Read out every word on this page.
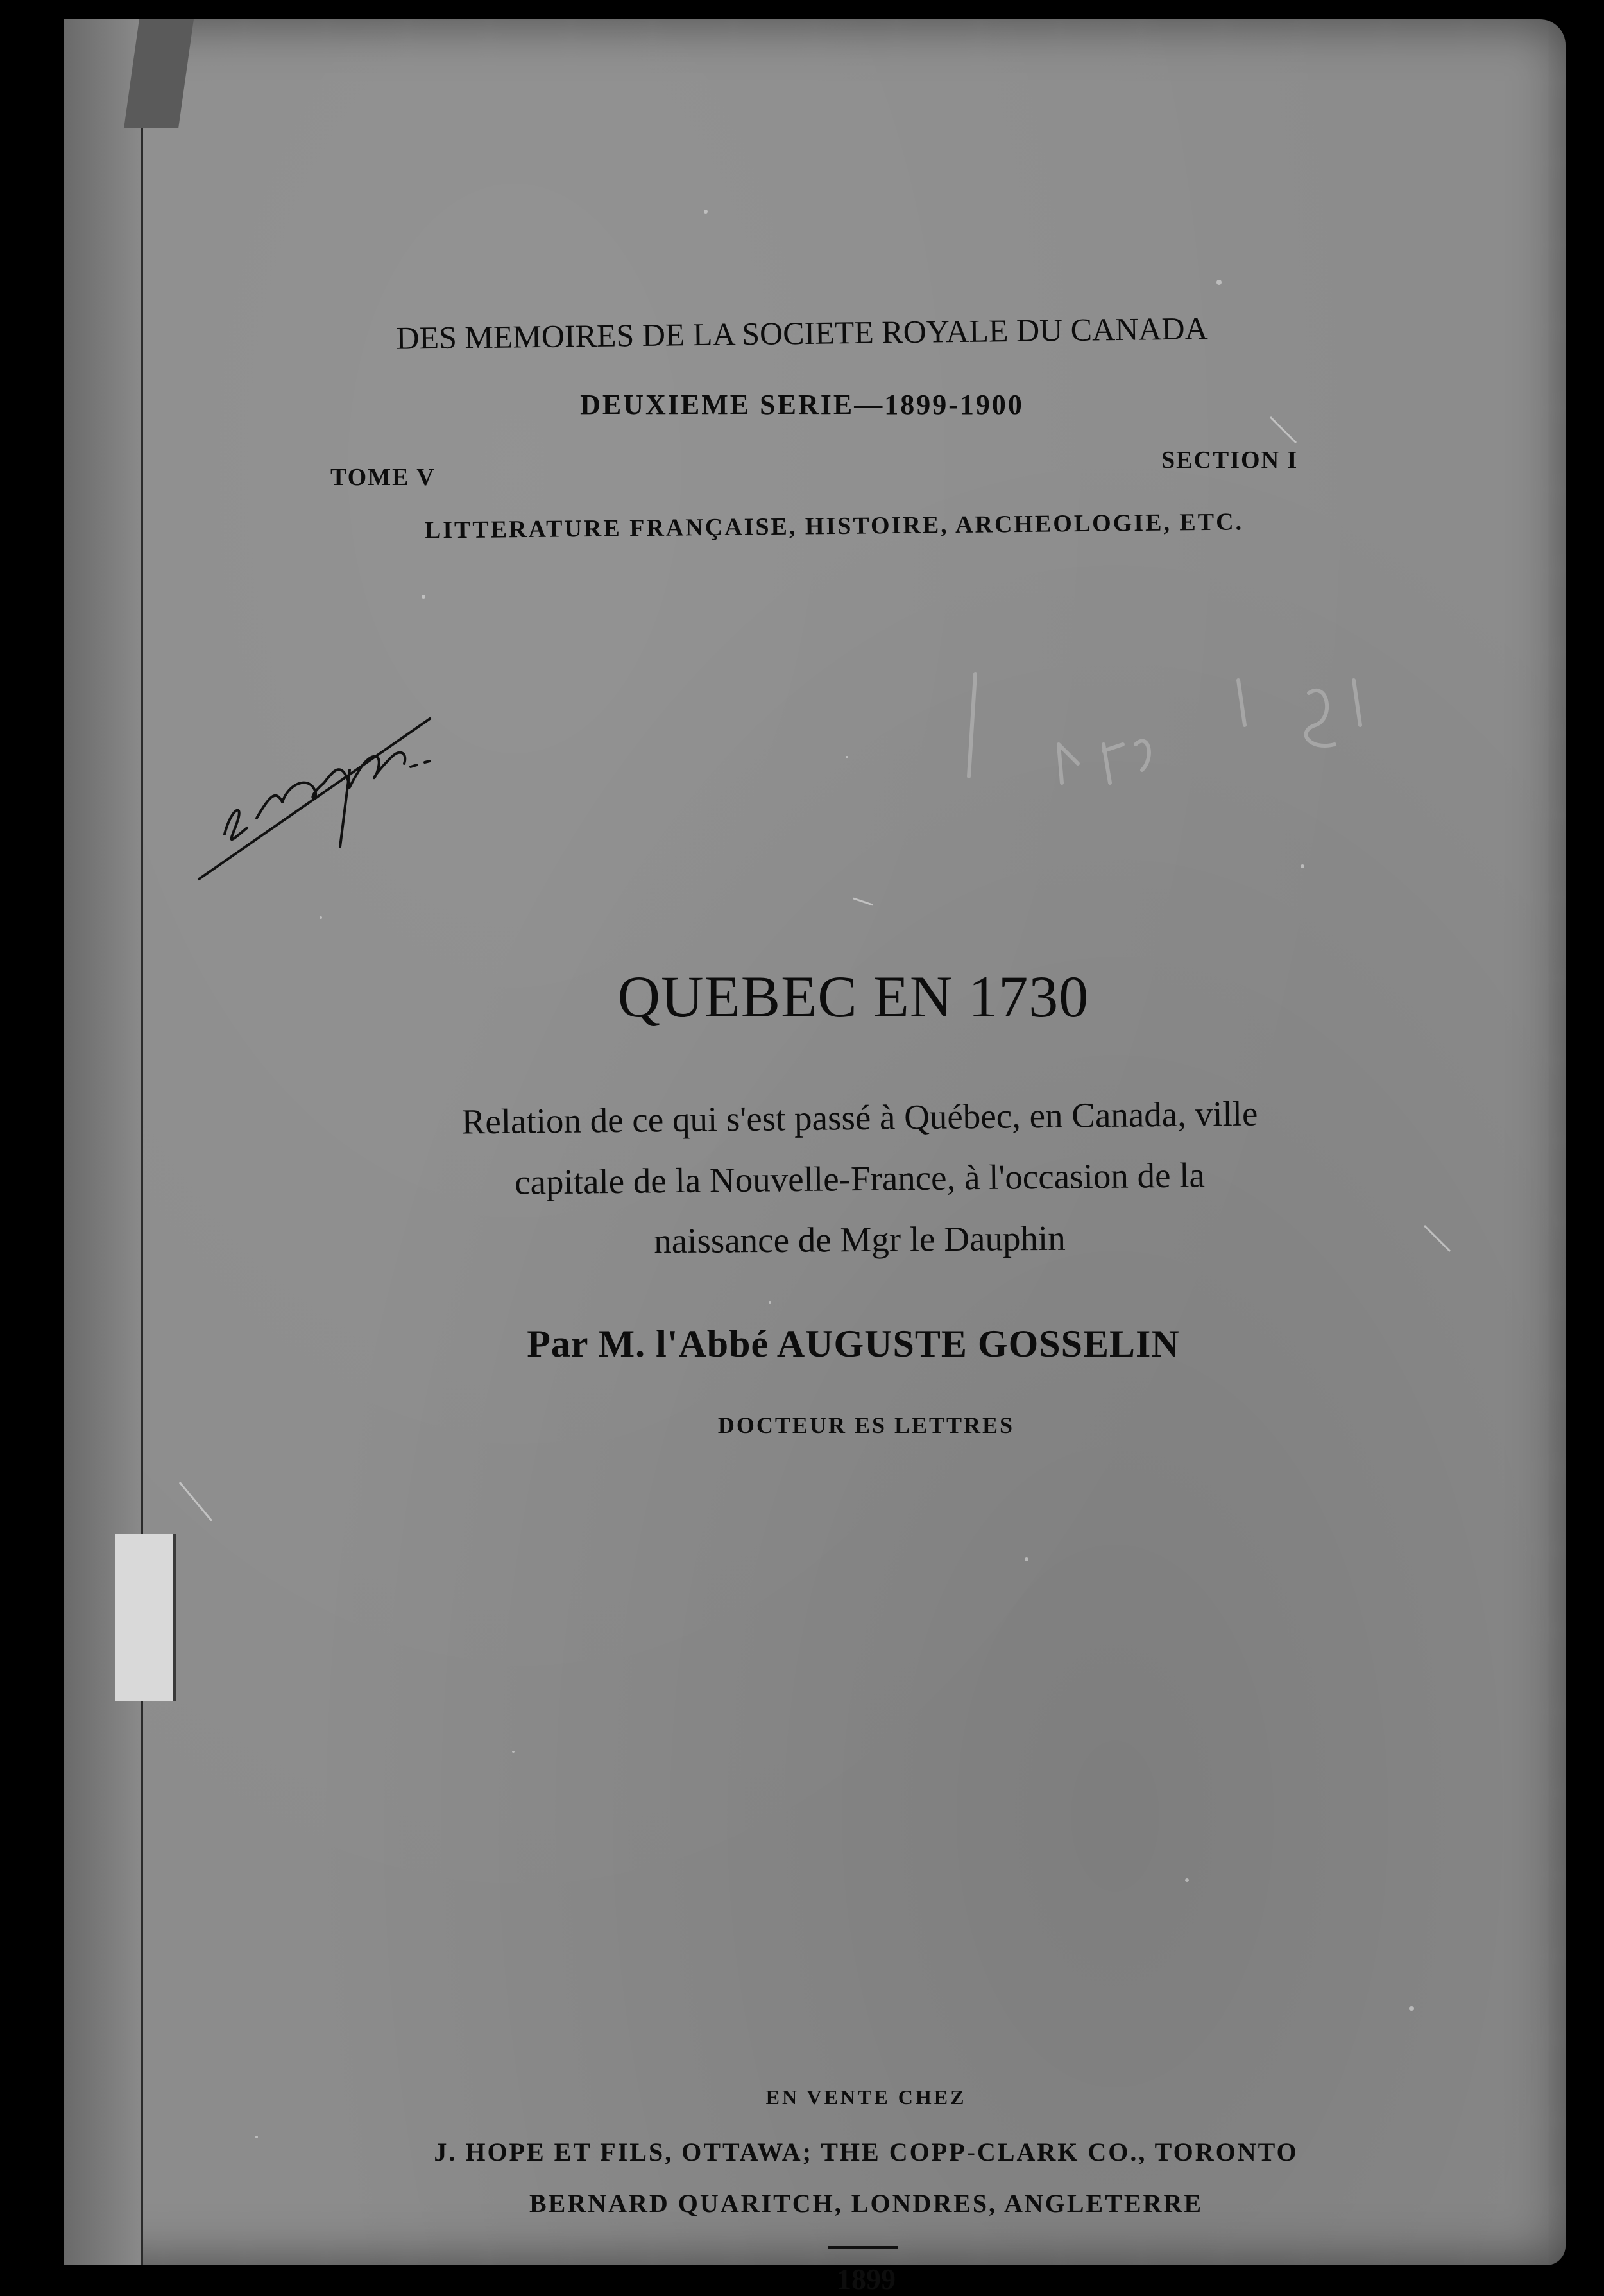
DES MEMOIRES DE LA SOCIETE ROYALE DU CANADA
DEUXIEME SERIE—1899-1900
TOME V
SECTION I
LITTERATURE FRANÇAISE, HISTOIRE, ARCHEOLOGIE, ETC.
QUEBEC EN 1730
Relation de ce qui s'est passé à Québec, en Canada, ville
capitale de la Nouvelle-France, à l'occasion de la
naissance de Mgr le Dauphin
Par M. l'Abbé AUGUSTE GOSSELIN
DOCTEUR ES LETTRES
EN VENTE CHEZ
J. HOPE ET FILS, OTTAWA; THE COPP-CLARK CO., TORONTO
BERNARD QUARITCH, LONDRES, ANGLETERRE
1899
